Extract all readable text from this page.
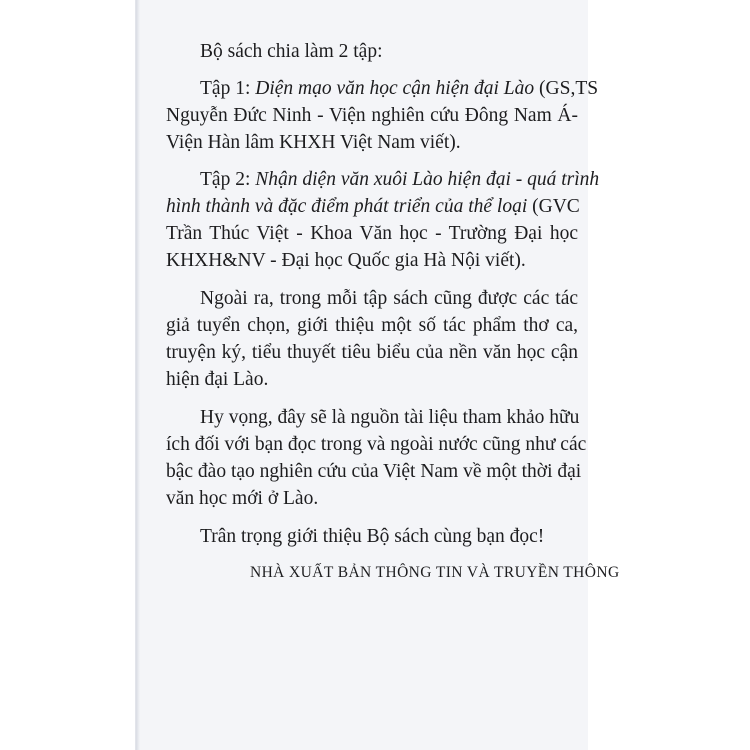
Bộ sách chia làm 2 tập:
Tập 1: Diện mạo văn học cận hiện đại Lào (GS,TS
Nguyễn Đức Ninh - Viện nghiên cứu Đông Nam Á-
Viện Hàn lâm KHXH Việt Nam viết).
Tập 2: Nhận diện văn xuôi Lào hiện đại - quá trình
hình thành và đặc điểm phát triển của thể loại (GVC
Trần Thúc Việt - Khoa Văn học - Trường Đại học
KHXH&NV - Đại học Quốc gia Hà Nội viết).
Ngoài ra, trong mỗi tập sách cũng được các tác
giả tuyển chọn, giới thiệu một số tác phẩm thơ ca,
truyện ký, tiểu thuyết tiêu biểu của nền văn học cận
hiện đại Lào.
Hy vọng, đây sẽ là nguồn tài liệu tham khảo hữu
ích đối với bạn đọc trong và ngoài nước cũng như các
bậc đào tạo nghiên cứu của Việt Nam về một thời đại
văn học mới ở Lào.
Trân trọng giới thiệu Bộ sách cùng bạn đọc!
NHÀ XUẤT BẢN THÔNG TIN VÀ TRUYỀN THÔNG
